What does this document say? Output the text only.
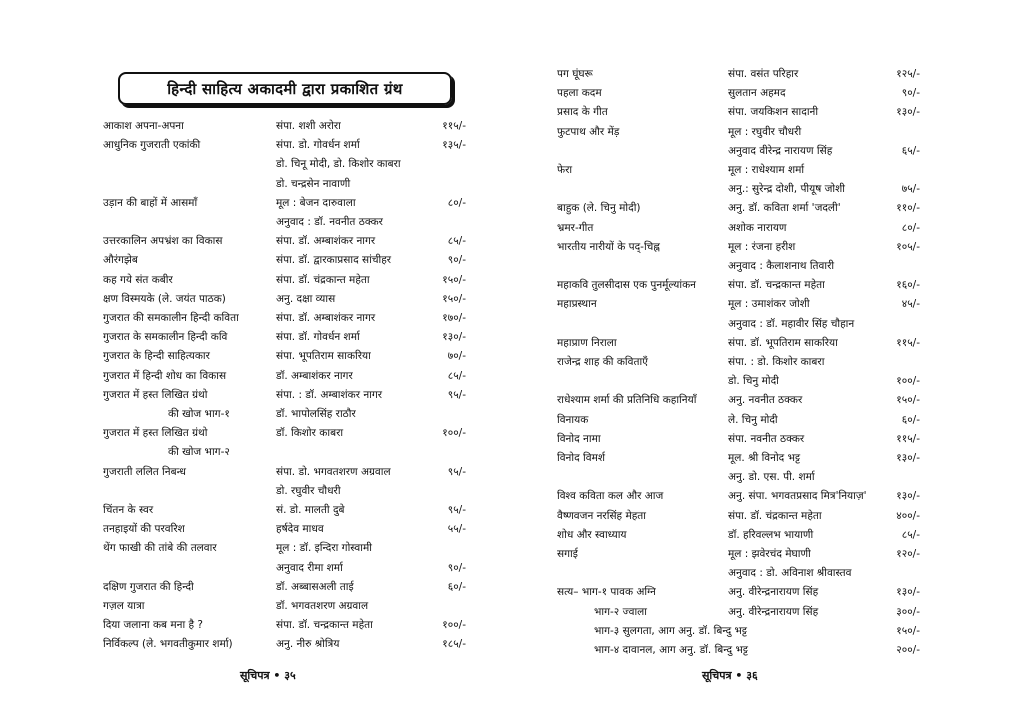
हिन्दी साहित्य अकादमी द्वारा प्रकाशित ग्रंथ
आकाश अपना-अपना	संपा. शशी अरोरा	११५/-
आधुनिक गुजराती एकांकी	संपा. डो. गोवर्धन शर्मा	१३५/-
डो. चिनू मोदी, डो. किशोर काबरा
डो. चन्द्रसेन नावाणी
उड़ान की बाहों में आसमाँ	मूल : बेजन दारुवाला	८०/-
अनुवाद : डॉ. नवनीत ठक्कर
उत्तरकालिन अपभ्रंश का विकास	संपा. डॉ. अम्बाशंकर नागर	८५/-
औरंगझेब	संपा. डॉ. द्वारकाप्रसाद सांचीहर	९०/-
कह गये संत कबीर	संपा. डॉ. चंद्रकान्त महेता	१५०/-
क्षण विस्मयके (ले. जयंत पाठक)	अनु. दक्षा व्यास	१५०/-
गुजरात की समकालीन हिन्दी कविता	संपा. डॉ. अम्बाशंकर नागर	१७०/-
गुजरात के समकालीन हिन्दी कवि	संपा. डॉ. गोवर्धन शर्मा	१३०/-
गुजरात के हिन्दी साहित्यकार	संपा. भूपतिराम साकरिया	७०/-
गुजरात में हिन्दी शोध का विकास	डॉ. अम्बाशंकर नागर	८५/-
गुजरात में हस्त लिखित ग्रंथो	संपा. : डॉ. अम्बाशंकर नागर	९५/-
की खोज भाग-१	डॉ. भापोलसिंह राठौर
गुजरात में हस्त लिखित ग्रंथो	डॉ. किशोर काबरा	१००/-
की खोज भाग-२
गुजराती ललित निबन्ध	संपा. डो. भगवतशरण अग्रवाल	९५/-
डो. रघुवीर चौधरी
चिंतन के स्वर	सं. डो. मालती दुबे	९५/-
तनहाइयों की परवरिश	हर्षदेव माधव	५५/-
थेंग फाखी की तांबे की तलवार	मूल : डॉ. इन्दिरा गोस्वामी
अनुवाद रीमा शर्मा	९०/-
दक्षिण गुजरात की हिन्दी	डॉ. अब्बासअली ताई	६०/-
गज़ल यात्रा	डॉ. भगवतशरण अग्रवाल
दिया जलाना कब मना है ?	संपा. डॉ. चन्द्रकान्त महेता	१००/-
निर्विकल्प (ले. भगवतीकुमार शर्मा)	अनु. नीरु श्रोत्रिय	१८५/-
सूचिपत्र • ३५
पग घूंघरू	संपा. वसंत परिहार	१२५/-
पहला कदम	सुलतान अहमद	९०/-
प्रसाद के गीत	संपा. जयकिशन सादानी	१३०/-
फुटपाथ और मेंड़	मूल : रघुवीर चौधरी
अनुवाद वीरेन्द्र नारायण सिंह	६५/-
फेरा	मूल : राधेश्याम शर्मा
अनु.: सुरेन्द्र दोशी, पीयूष जोशी	७५/-
बाहुक (ले. चिनु मोदी)	अनु. डॉ. कविता शर्मा 'जदली'	११०/-
भ्रमर-गीत	अशोक नारायण	८०/-
भारतीय नारीयों के पद्-चिह्न	मूल : रंजना हरीश	१०५/-
अनुवाद : कैलाशनाथ तिवारी
महाकवि तुलसीदास एक पुनर्मूल्यांकन	संपा. डॉ. चन्द्रकान्त महेता	१६०/-
महाप्रस्थान	मूल : उमाशंकर जोशी	४५/-
अनुवाद : डॉ. महावीर सिंह चौहान
महाप्राण निराला	संपा. डॉ. भूपतिराम साकरिया	११५/-
राजेन्द्र शाह की कविताएँ	संपा. : डो. किशोर काबरा
डो. चिनु मोदी	१००/-
राधेश्याम शर्मा की प्रतिनिधि कहानियाँ	अनु. नवनीत ठक्कर	१५०/-
विनायक	ले. चिनु मोदी	६०/-
विनोद नामा	संपा. नवनीत ठक्कर	११५/-
विनोद विमर्श	मूल. श्री विनोद भट्ट	१३०/-
अनु. डो. एस. पी. शर्मा
विश्व कविता कल और आज	अनु. संपा. भगवतप्रसाद मित्र'नियाज़'	१३०/-
वैष्णवजन नरसिंह मेहता	संपा. डॉ. चंद्रकान्त महेता	४००/-
शोध और स्वाध्याय	डॉ. हरिवल्लभ भायाणी	८५/-
सगाई	मूल : झवेरचंद मेघाणी	१२०/-
अनुवाद : डो. अविनाश श्रीवास्तव
सत्य– भाग-१ पावक अग्नि	अनु. वीरेन्द्रनारायण सिंह	१३०/-
भाग-२ ज्वाला	अनु. वीरेन्द्रनारायण सिंह	३००/-
भाग-३ सुलगता, आग अनु. डॉ. बिन्दु भट्ट	१५०/-
भाग-४ दावानल, आग अनु. डॉ. बिन्दु भट्ट	२००/-
सूचिपत्र • ३६
